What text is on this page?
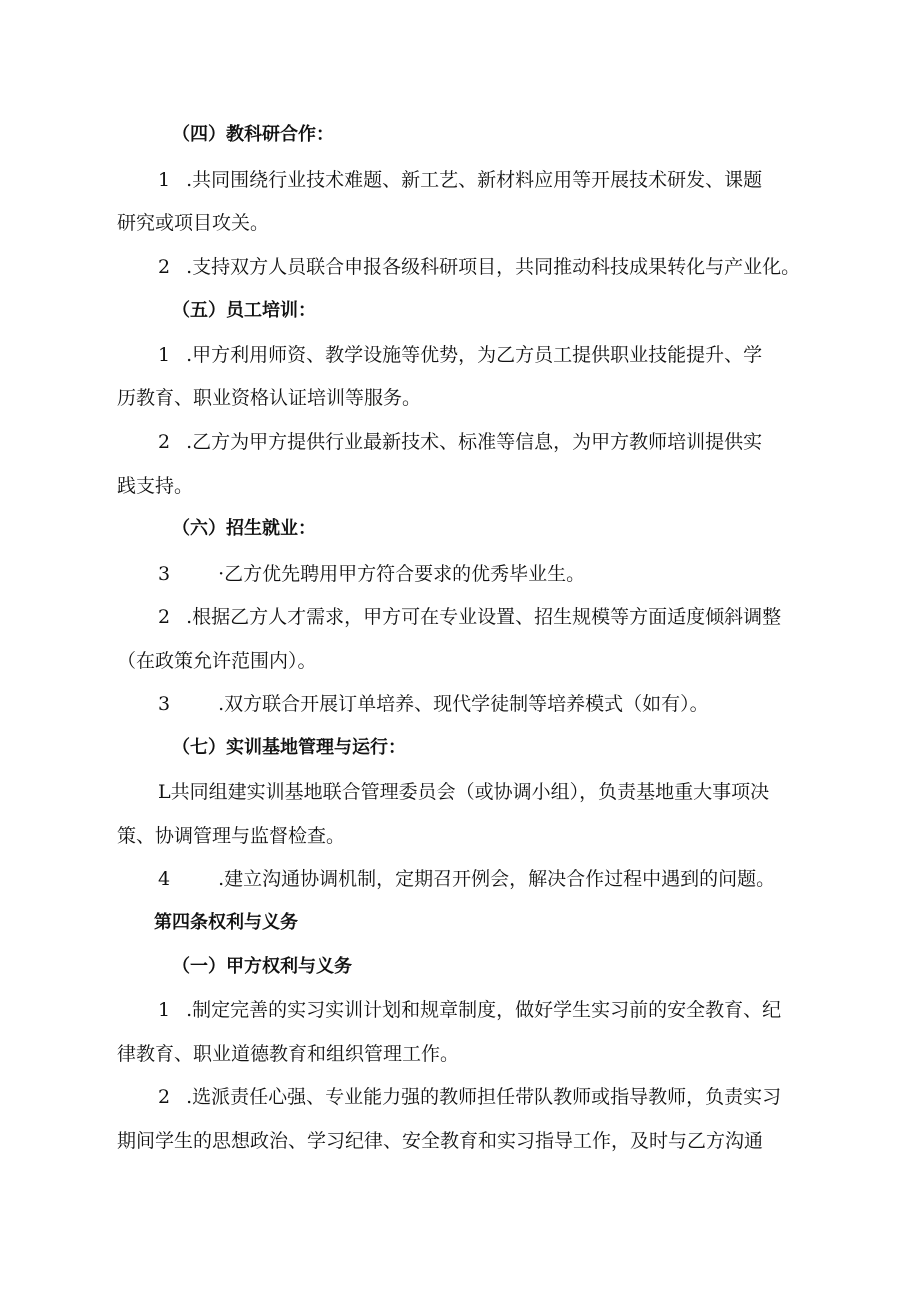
（四）教科研合作：
1 .共同围绕行业技术难题、新工艺、新材料应用等开展技术研发、课题
研究或项目攻关。
2 .支持双方人员联合申报各级科研项目，共同推动科技成果转化与产业化。
（五）员工培训：
1 .甲方利用师资、教学设施等优势，为乙方员工提供职业技能提升、学
历教育、职业资格认证培训等服务。
2 .乙方为甲方提供行业最新技术、标准等信息，为甲方教师培训提供实
践支持。
（六）招生就业：
3	·乙方优先聘用甲方符合要求的优秀毕业生。
2 .根据乙方人才需求，甲方可在专业设置、招生规模等方面适度倾斜调整
（在政策允许范围内）。
3	.双方联合开展订单培养、现代学徒制等培养模式（如有）。
（七）实训基地管理与运行：
L共同组建实训基地联合管理委员会（或协调小组），负责基地重大事项决
策、协调管理与监督检查。
4	.建立沟通协调机制，定期召开例会，解决合作过程中遇到的问题。
第四条权利与义务
（一）甲方权利与义务
1 .制定完善的实习实训计划和规章制度，做好学生实习前的安全教育、纪
律教育、职业道德教育和组织管理工作。
2 .选派责任心强、专业能力强的教师担任带队教师或指导教师，负责实习
期间学生的思想政治、学习纪律、安全教育和实习指导工作，及时与乙方沟通
